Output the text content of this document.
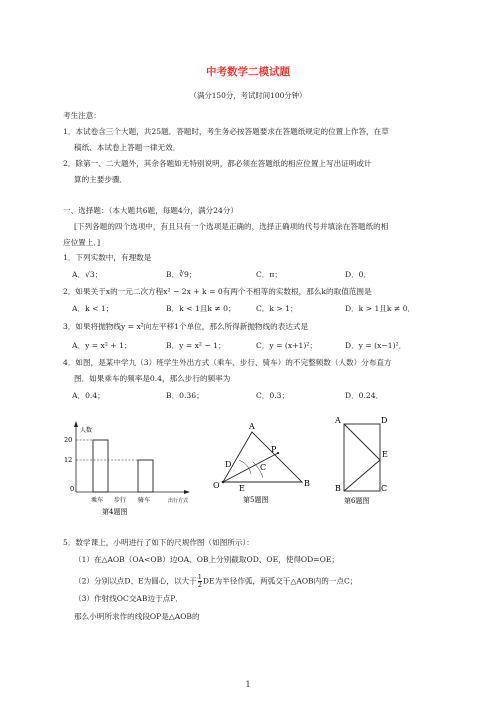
中考数学二模试题
（满分150分，考试时间100分钟）
考生注意：
1．本试卷含三个大题，共25题．答题时，考生务必按答题要求在答题纸规定的位置上作答，在草
稿纸、本试卷上答题一律无效．
2．除第一、二大题外，其余各题如无特别说明，都必须在答题纸的相应位置上写出证明或计
算的主要步骤．
一、选择题：（本大题共6题，每题4分，满分24分）
[下列各题的四个选项中，有且只有一个选项是正确的，选择正确项的代号并填涂在答题纸的相
应位置上．]
1．下列实数中，有理数是
A．√3；	B．∛9；	C．π；	D．0．
2．如果关于x的一元二次方程x² − 2x + k = 0有两个不相等的实数根，那么k的取值范围是
A．k < 1；	B．k < 1且k ≠ 0；	C．k > 1；	D．k > 1且k ≠ 0．
3．如果将抛物线y = x²向左平移1个单位，那么所得新抛物线的表达式是
A．y = x² + 1；	B．y = x² − 1；	C．y = (x+1)²；	D．y = (x−1)²．
4．如图，是某中学九（3）班学生外出方式（乘车、步行、骑车）的不完整频数（人数）分布直方
图．如果乘车的频率是0.4，那么步行的频率为
A．0.4；	B．0.36；	C．0.3；	D．0.24．
人数
20
12
0
乘车 步行 骑车	出行方式
第4题图
A
P
D	C
O E
B
第5题图
A	D
E
B	C
第6题图
5．数学课上，小明进行了如下的尺规作图（如图所示）：
（1）在△AOB（OA<OB）边OA、OB上分别截取OD、OE，使得OD=OE；
（2）分别以点D、E为圆心，以大于 $\frac{1}{2}$ DE为半径作弧，两弧交于△AOB内的一点C；
（3）作射线OC交AB边于点P．
那么小明所求作的线段OP是△AOB的
1
